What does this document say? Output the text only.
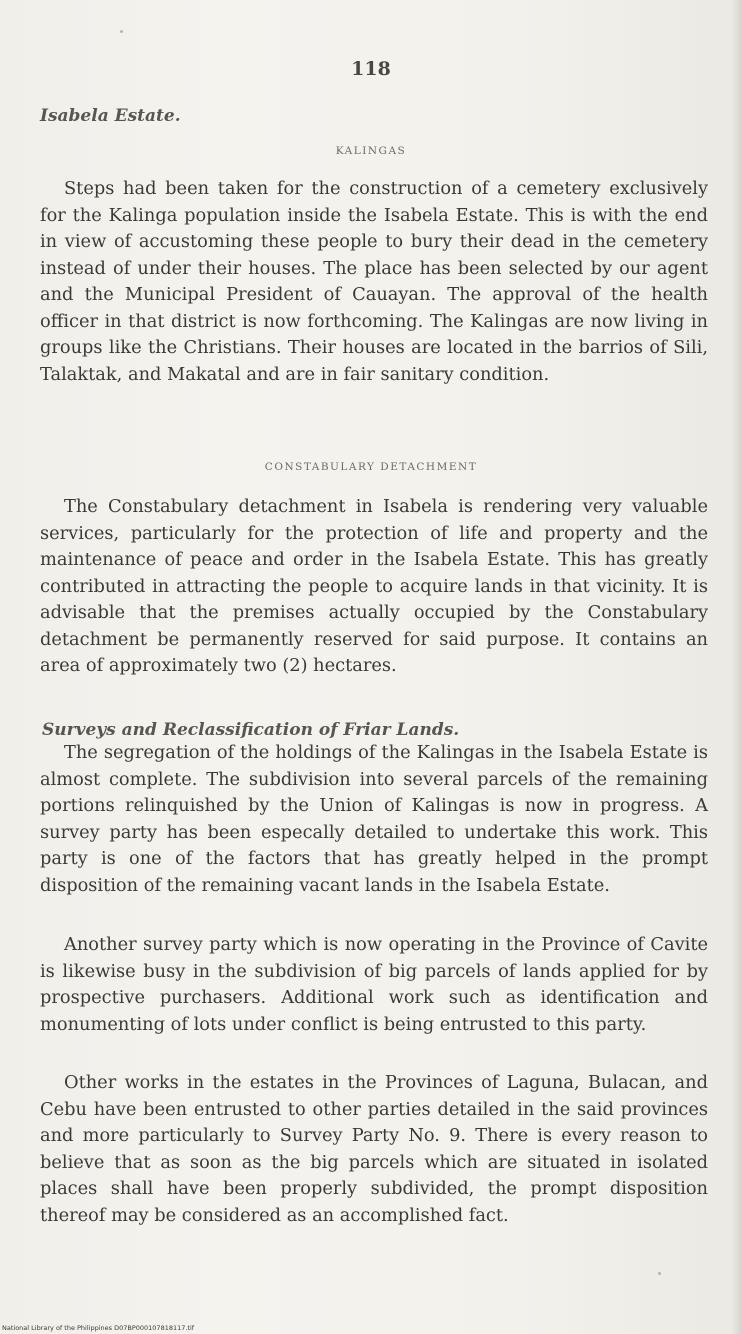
118
Isabela Estate.
KALINGAS

Steps had been taken for the construction of a cemetery exclusively for the Kalinga population inside the Isabela Estate. This is with the end in view of accustoming these people to bury their dead in the cemetery instead of under their houses. The place has been selected by our agent and the Municipal President of Cauayan. The approval of the health officer in that district is now forthcoming. The Kalingas are now living in groups like the Christians. Their houses are located in the barrios of Sili, Talaktak, and Makatal and are in fair sanitary condition.

CONSTABULARY DETACHMENT

The Constabulary detachment in Isabela is rendering very valuable services, particularly for the protection of life and property and the maintenance of peace and order in the Isabela Estate. This has greatly contributed in attracting the people to acquire lands in that vicinity. It is advisable that the premises actually occupied by the Constabulary detachment be permanently reserved for said purpose. It contains an area of approximately two (2) hectares.

Surveys and Reclassification of Friar Lands.

The segregation of the holdings of the Kalingas in the Isabela Estate is almost complete. The subdivision into several parcels of the remaining portions relinquished by the Union of Kalingas is now in progress. A survey party has been especally detailed to undertake this work. This party is one of the factors that has greatly helped in the prompt disposition of the remaining vacant lands in the Isabela Estate.

Another survey party which is now operating in the Province of Cavite is likewise busy in the subdivision of big parcels of lands applied for by prospective purchasers. Additional work such as identification and monumenting of lots under conflict is being entrusted to this party.

Other works in the estates in the Provinces of Laguna, Bulacan, and Cebu have been entrusted to other parties detailed in the said provinces and more particularly to Survey Party No. 9. There is every reason to believe that as soon as the big parcels which are situated in isolated places shall have been properly subdivided, the prompt disposition thereof may be considered as an accomplished fact.

National Library of the Philippines D07BP000107818117.tif
